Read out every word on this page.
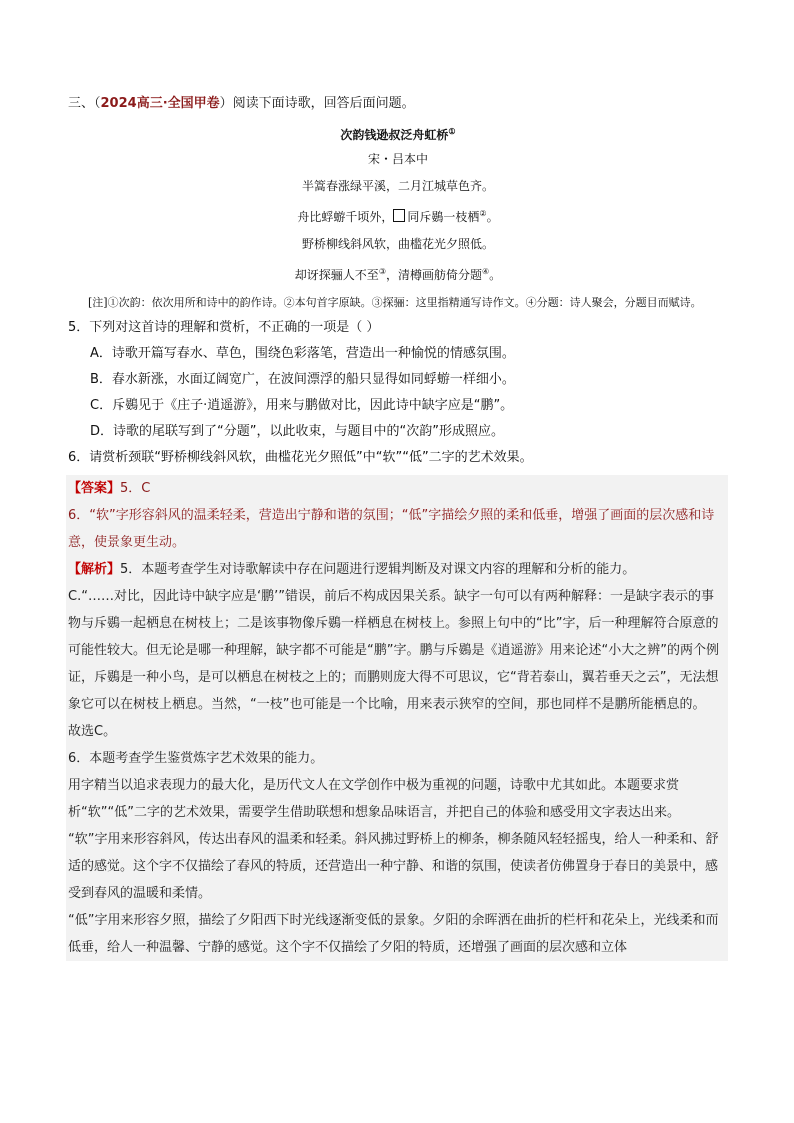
三、（2024高三·全国甲卷）阅读下面诗歌，回答后面问题。

次韵钱逊叔泛舟虹桥①
宋・吕本中
半篙春涨绿平溪，二月江城草色齐。
舟比蜉蝣千顷外， 同斥鷃一枝栖②。
野桥柳线斜风软，曲槛花光夕照低。
却讶探骊人不至③，清樽画舫倚分题④。
[注]①次韵：依次用所和诗中的韵作诗。②本句首字原缺。③探骊：这里指精通写诗作文。④分题：诗人聚会，分题目而赋诗。

5．下列对这首诗的理解和赏析，不正确的一项是（ ）

A．诗歌开篇写春水、草色，围绕色彩落笔，营造出一种愉悦的情感氛围。
B．春水新涨，水面辽阔宽广，在波间漂浮的船只显得如同蜉蝣一样细小。
C．斥鷃见于《庄子·逍遥游》，用来与鹏做对比，因此诗中缺字应是“鹏”。
D．诗歌的尾联写到了“分题”，以此收束，与题目中的“次韵”形成照应。

6．请赏析颈联“野桥柳线斜风软，曲槛花光夕照低”中“软”“低”二字的艺术效果。

【答案】5．C

6．“软”字形容斜风的温柔轻柔，营造出宁静和谐的氛围；“低”字描绘夕照的柔和低垂，增强了画面的层次感和诗意，使景象更生动。

【解析】5．本题考查学生对诗歌解读中存在问题进行逻辑判断及对课文内容的理解和分析的能力。

C.“……对比，因此诗中缺字应是‘鹏’”错误，前后不构成因果关系。缺字一句可以有两种解释：一是缺字表示的事物与斥鷃一起栖息在树枝上；二是该事物像斥鷃一样栖息在树枝上。参照上句中的“比”字，后一种理解符合原意的可能性较大。但无论是哪一种理解，缺字都不可能是“鹏”字。鹏与斥鷃是《逍遥游》用来论述“小大之辨”的两个例证，斥鷃是一种小鸟，是可以栖息在树枝之上的；而鹏则庞大得不可思议，它“背若泰山，翼若垂天之云”，无法想象它可以在树枝上栖息。当然，“一枝”也可能是一个比喻，用来表示狭窄的空间，那也同样不是鹏所能栖息的。

故选C。

6．本题考查学生鉴赏炼字艺术效果的能力。

用字精当以追求表现力的最大化，是历代文人在文学创作中极为重视的问题，诗歌中尤其如此。本题要求赏析“软”“低”二字的艺术效果，需要学生借助联想和想象品味语言，并把自己的体验和感受用文字表达出来。

“软”字用来形容斜风，传达出春风的温柔和轻柔。斜风拂过野桥上的柳条，柳条随风轻轻摇曳，给人一种柔和、舒适的感觉。这个字不仅描绘了春风的特质，还营造出一种宁静、和谐的氛围，使读者仿佛置身于春日的美景中，感受到春风的温暖和柔情。

“低”字用来形容夕照，描绘了夕阳西下时光线逐渐变低的景象。夕阳的余晖洒在曲折的栏杆和花朵上，光线柔和而低垂，给人一种温馨、宁静的感觉。这个字不仅描绘了夕阳的特质，还增强了画面的层次感和立体
